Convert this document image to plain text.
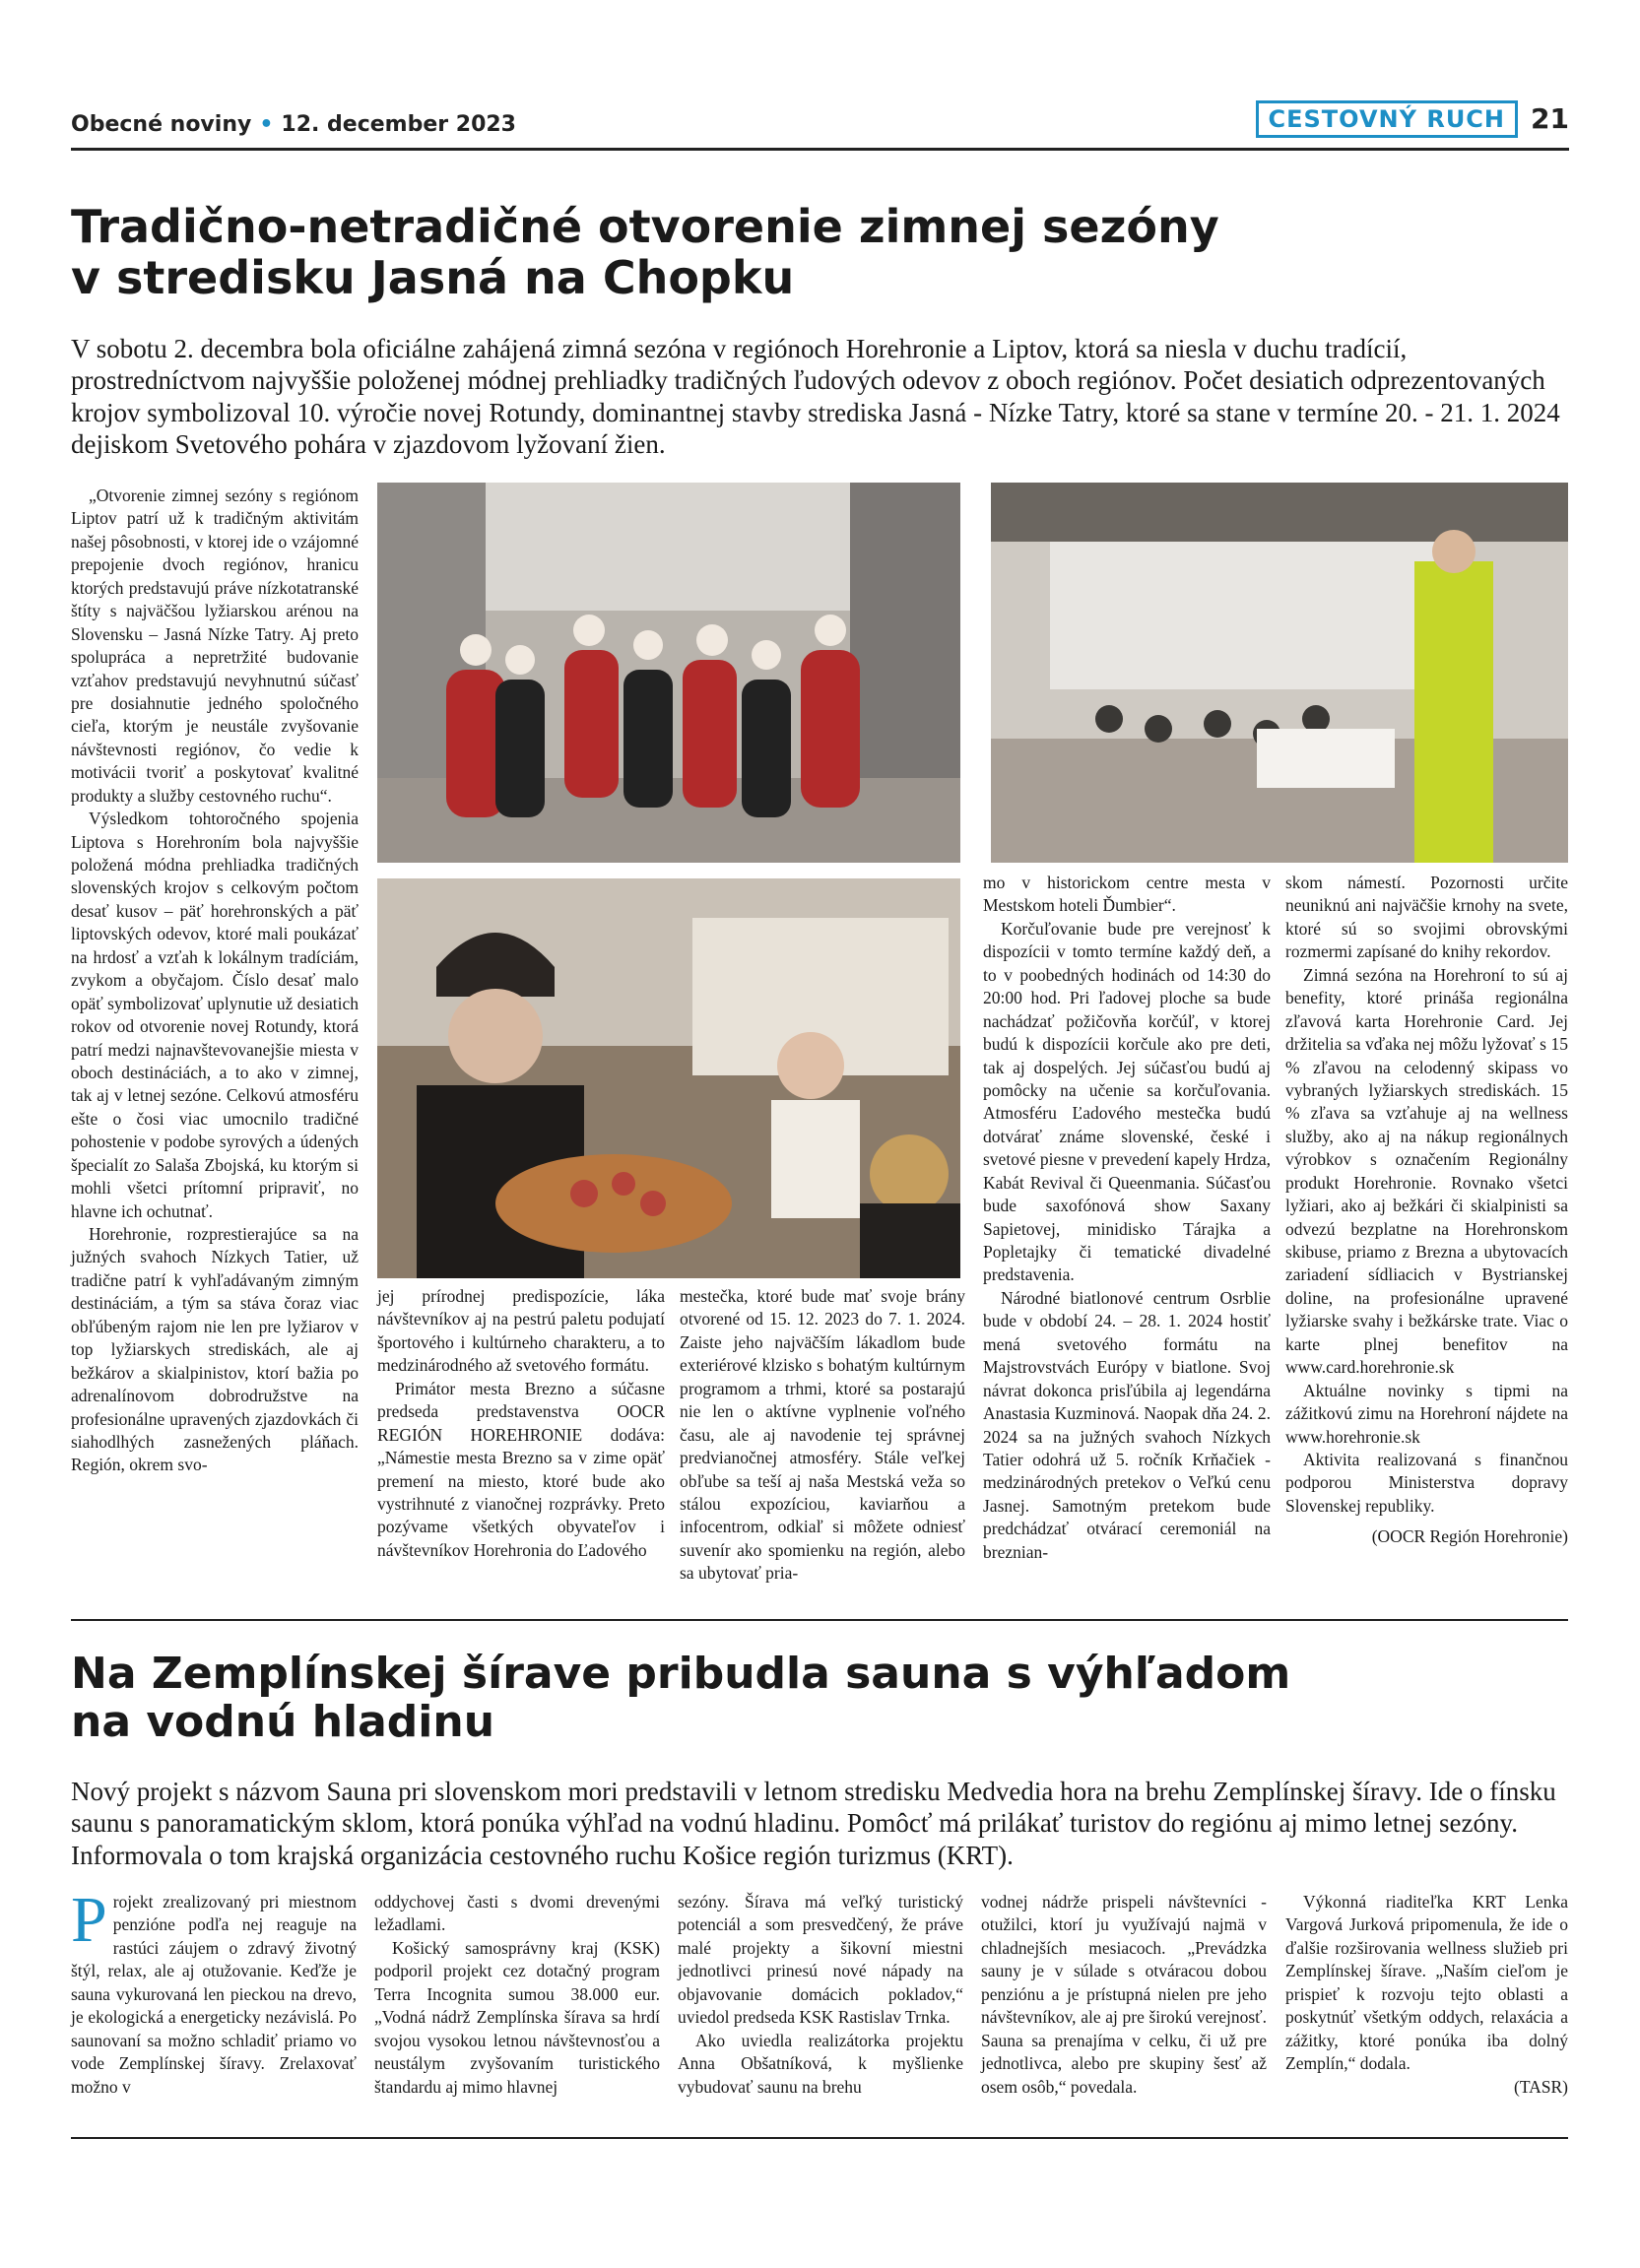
Obecné noviny • 12. december 2023	CESTOVNÝ RUCH 21
Tradično-netradičné otvorenie zimnej sezóny
v stredisku Jasná na Chopku
V sobotu 2. decembra bola oficiálne zahájená zimná sezóna v regiónoch Horehronie a Liptov, ktorá sa niesla v duchu tradícií, prostredníctvom najvyššie položenej módnej prehliadky tradičných ľudových odevov z oboch regiónov. Počet desiatich odprezentovaných krojov symbolizoval 10. výročie novej Rotundy, dominantnej stavby strediska Jasná - Nízke Tatry, ktoré sa stane v termíne 20. - 21. 1. 2024 dejiskom Svetového pohára v zjazdovom lyžovaní žien.

„Otvorenie zimnej sezóny s regiónom Liptov patrí už k tradičným aktivitám našej pôsobnosti, v ktorej ide o vzájomné prepojenie dvoch regiónov, hranicu ktorých predstavujú práve nízkotatranské štíty s najväčšou lyžiarskou arénou na Slovensku – Jasná Nízke Tatry. Aj preto spolupráca a nepretržité budovanie vzťahov predstavujú nevyhnutnú súčasť pre dosiahnutie jedného spoločného cieľa, ktorým je neustále zvyšovanie návštevnosti regiónov, čo vedie k motivácii tvoriť a poskytovať kvalitné produkty a služby cestovného ruchu“.

Výsledkom tohtoročného spojenia Liptova s Horehroním bola najvyššie položená módna prehliadka tradičných slovenských krojov s celkovým počtom desať kusov – päť horehronských a päť liptovských odevov, ktoré mali poukázať na hrdosť a vzťah k lokálnym tradíciám, zvykom a obyčajom. Číslo desať malo opäť symbolizovať uplynutie už desiatich rokov od otvorenie novej Rotundy, ktorá patrí medzi najnavštevovanejšie miesta v oboch destináciách, a to ako v zimnej, tak aj v letnej sezóne. Celkovú atmosféru ešte o čosi viac umocnilo tradičné pohostenie v podobe syrových a údených špecialít zo Salaša Zbojská, ku ktorým si mohli všetci prítomní pripraviť, no hlavne ich ochutnať.

Horehronie, rozprestierajúce sa na južných svahoch Nízkych Tatier, už tradične patrí k vyhľadávaným zimným destináciám, a tým sa stáva čoraz viac obľúbeným rajom nie len pre lyžiarov v top lyžiarskych strediskách, ale aj bežkárov a skialpinistov, ktorí bažia po adrenalínovom dobrodružstve na profesionálne upravených zjazdovkách či siahodlhých zasnežených pláňach. Región, okrem svo-

jej prírodnej predispozície, láka návštevníkov aj na pestrú paletu podujatí športového i kultúrneho charakteru, a to medzinárodného až svetového formátu.

Primátor mesta Brezno a súčasne predseda predstavenstva OOCR REGIÓN HOREHRONIE dodáva: „Námestie mesta Brezno sa v zime opäť premení na miesto, ktoré bude ako vystrihnuté z vianočnej rozprávky. Preto pozývame všetkých obyvateľov i návštevníkov Horehronia do Ľadového

mestečka, ktoré bude mať svoje brány otvorené od 15. 12. 2023 do 7. 1. 2024. Zaiste jeho najväčším lákadlom bude exteriérové klzisko s bohatým kultúrnym programom a trhmi, ktoré sa postarajú nie len o aktívne vyplnenie voľného času, ale aj navodenie tej správnej predvianočnej atmosféry. Stále veľkej obľube sa teší aj naša Mestská veža so stálou expozíciou, kaviarňou a infocentrom, odkiaľ si môžete odniesť suvenír ako spomienku na región, alebo sa ubytovať pria-

mo v historickom centre mesta v Mestskom hoteli Ďumbier“.

Korčuľovanie bude pre verejnosť k dispozícii v tomto termíne každý deň, a to v poobedných hodinách od 14:30 do 20:00 hod. Pri ľadovej ploche sa bude nachádzať požičovňa korčúľ, v ktorej budú k dispozícii korčule ako pre deti, tak aj dospelých. Jej súčasťou budú aj pomôcky na učenie sa korčuľovania. Atmosféru Ľadového mestečka budú dotvárať známe slovenské, české i svetové piesne v prevedení kapely Hrdza, Kabát Revival či Queenmania. Súčasťou bude saxofónová show Saxany Sapietovej, minidisko Tárajka a Popletajky či tematické divadelné predstavenia.

Národné biatlonové centrum Osrblie bude v období 24. – 28. 1. 2024 hostiť mená svetového formátu na Majstrovstvách Európy v biatlone. Svoj návrat dokonca prisľúbila aj legendárna Anastasia Kuzminová. Naopak dňa 24. 2. 2024 sa na južných svahoch Nízkych Tatier odohrá už 5. ročník Krňačiek - medzinárodných pretekov o Veľkú cenu Jasnej. Samotným pretekom bude predchádzať otvárací ceremoniál na breznian-

skom námestí. Pozornosti určite neuniknú ani najväčšie krnohy na svete, ktoré sú so svojimi obrovskými rozmermi zapísané do knihy rekordov.

Zimná sezóna na Horehroní to sú aj benefity, ktoré prináša regionálna zľavová karta Horehronie Card. Jej držitelia sa vďaka nej môžu lyžovať s 15 % zľavou na celodenný skipass vo vybraných lyžiarskych strediskách. 15 % zľava sa vzťahuje aj na wellness služby, ako aj na nákup regionálnych výrobkov s označením Regionálny produkt Horehronie. Rovnako všetci lyžiari, ako aj bežkári či skialpinisti sa odvezú bezplatne na Horehronskom skibuse, priamo z Brezna a ubytovacích zariadení sídliacich v Bystrianskej doline, na profesionálne upravené lyžiarske svahy i bežkárske trate. Viac o karte plnej benefitov na www.card.horehronie.sk

Aktuálne novinky s tipmi na zážitkovú zimu na Horehroní nájdete na www.horehronie.sk

Aktivita realizovaná s finančnou podporou Ministerstva dopravy Slovenskej republiky.

(OOCR Región Horehronie)

Na Zemplínskej šírave pribudla sauna s výhľadom
na vodnú hladinu
Nový projekt s názvom Sauna pri slovenskom mori predstavili v letnom stredisku Medvedia hora na brehu Zemplínskej šíravy. Ide o fínsku saunu s panoramatickým sklom, ktorá ponúka výhľad na vodnú hladinu. Pomôcť má prilákať turistov do regiónu aj mimo letnej sezóny. Informovala o tom krajská organizácia cestovného ruchu Košice región turizmus (KRT).

Projekt zrealizovaný pri miestnom penzióne podľa nej reaguje na rastúci záujem o zdravý životný štýl, relax, ale aj otužovanie. Keďže je sauna vykurovaná len pieckou na drevo, je ekologická a energeticky nezávislá. Po saunovaní sa možno schladiť priamo vo vode Zemplínskej šíravy. Zrelaxovať možno v

oddychovej časti s dvomi drevenými ležadlami.

Košický samosprávny kraj (KSK) podporil projekt cez dotačný program Terra Incognita sumou 38.000 eur. „Vodná nádrž Zemplínska šírava sa hrdí svojou vysokou letnou návštevnosťou a neustálym zvyšovaním turistického štandardu aj mimo hlavnej

sezóny. Šírava má veľký turistický potenciál a som presvedčený, že práve malé projekty a šikovní miestni jednotlivci prinesú nové nápady na objavovanie domácich pokladov,“ uviedol predseda KSK Rastislav Trnka.

Ako uviedla realizátorka projektu Anna Obšatníková, k myšlienke vybudovať saunu na brehu

vodnej nádrže prispeli návštevníci - otužilci, ktorí ju využívajú najmä v chladnejších mesiacoch. „Prevádzka sauny je v súlade s otváracou dobou penziónu a je prístupná nielen pre jeho návštevníkov, ale aj pre širokú verejnosť. Sauna sa prenajíma v celku, či už pre jednotlivca, alebo pre skupiny šesť až osem osôb,“ povedala.

Výkonná riaditeľka KRT Lenka Vargová Jurková pripomenula, že ide o ďalšie rozširovania wellness služieb pri Zemplínskej šírave. „Naším cieľom je prispieť k rozvoju tejto oblasti a poskytnúť všetkým oddych, relaxácia a zážitky, ktoré ponúka iba dolný Zemplín,“ dodala.

(TASR)
